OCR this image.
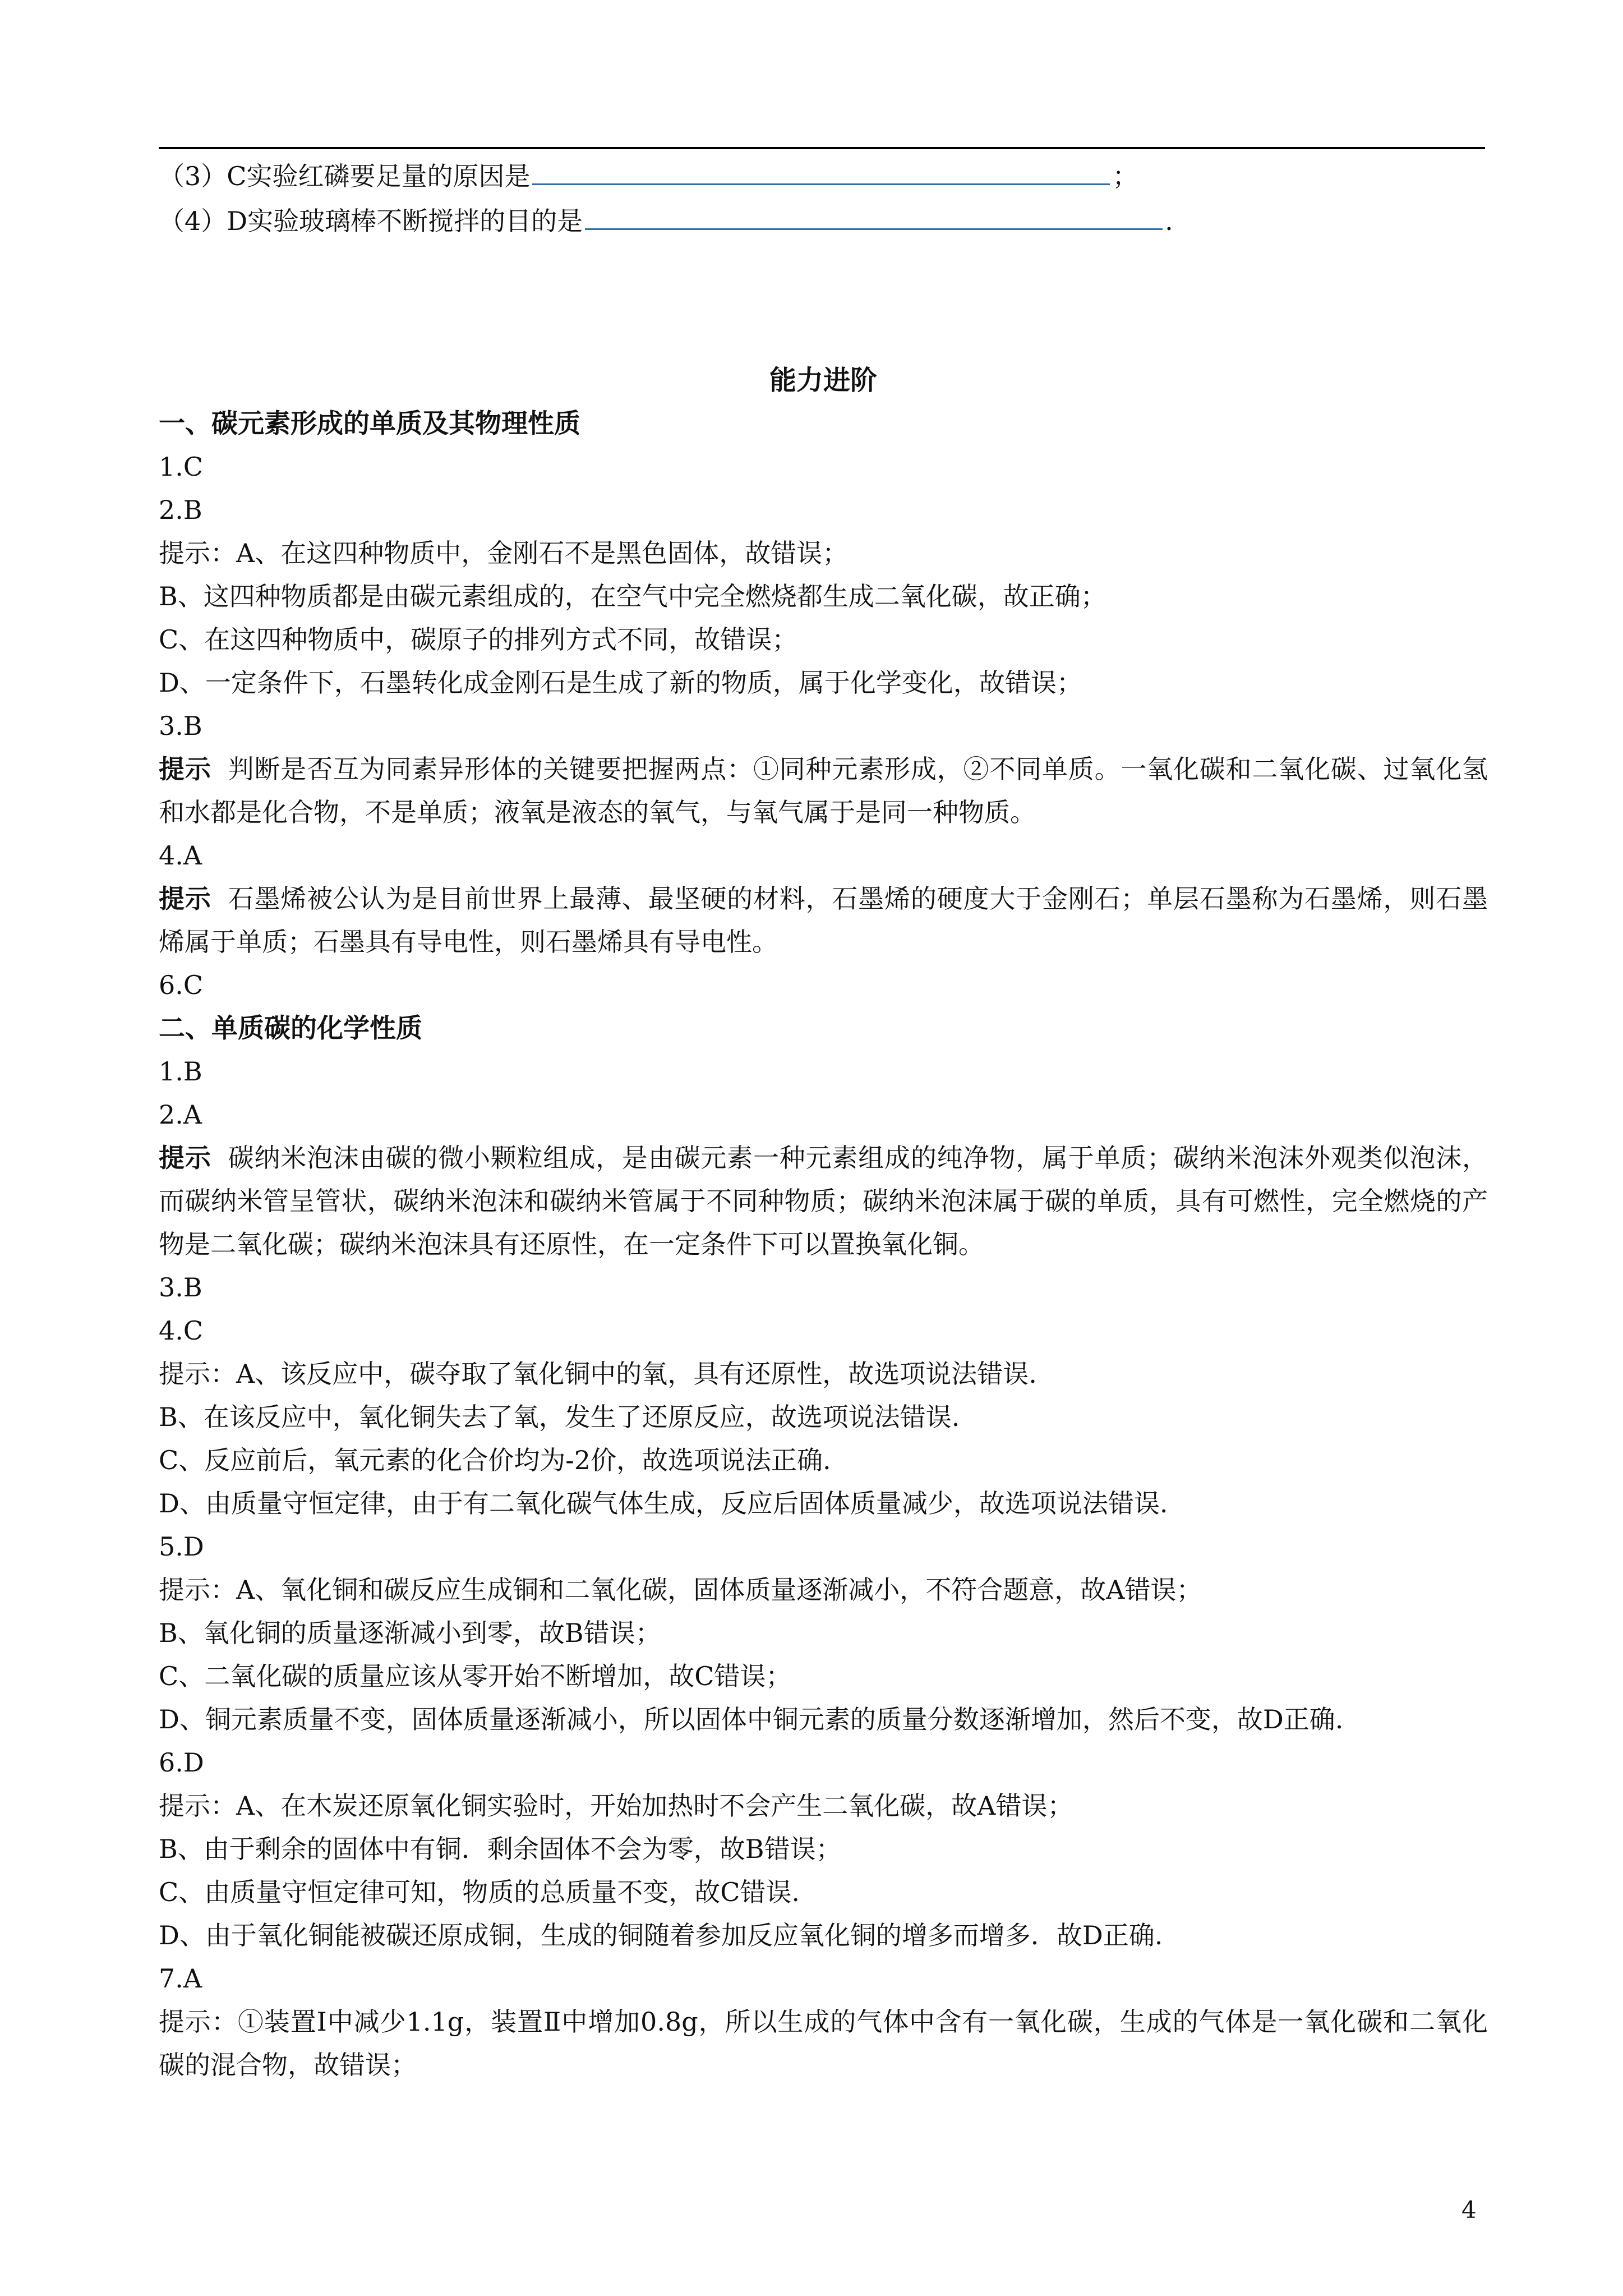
（3）C实验红磷要足量的原因是	；
（4）D实验玻璃棒不断搅拌的目的是	.
能力进阶
一、碳元素形成的单质及其物理性质
1.C
2.B
提示：A、在这四种物质中，金刚石不是黑色固体，故错误；
B、这四种物质都是由碳元素组成的，在空气中完全燃烧都生成二氧化碳，故正确；
C、在这四种物质中，碳原子的排列方式不同，故错误；
D、一定条件下，石墨转化成金刚石是生成了新的物质，属于化学变化，故错误；
3.B
提示 判断是否互为同素异形体的关键要把握两点：①同种元素形成，②不同单质。一氧化碳和二氧化碳、过氧化氢和水都是化合物，不是单质；液氧是液态的氧气，与氧气属于是同一种物质。
4.A
提示 石墨烯被公认为是目前世界上最薄、最坚硬的材料，石墨烯的硬度大于金刚石；单层石墨称为石墨烯，则石墨烯属于单质；石墨具有导电性，则石墨烯具有导电性。
6.C
二、单质碳的化学性质
1.B
2.A
提示 碳纳米泡沫由碳的微小颗粒组成，是由碳元素一种元素组成的纯净物，属于单质；碳纳米泡沫外观类似泡沫，而碳纳米管呈管状，碳纳米泡沫和碳纳米管属于不同种物质；碳纳米泡沫属于碳的单质，具有可燃性，完全燃烧的产物是二氧化碳；碳纳米泡沫具有还原性，在一定条件下可以置换氧化铜。
3.B
4.C
提示：A、该反应中，碳夺取了氧化铜中的氧，具有还原性，故选项说法错误.
B、在该反应中，氧化铜失去了氧，发生了还原反应，故选项说法错误.
C、反应前后，氧元素的化合价均为-2价，故选项说法正确.
D、由质量守恒定律，由于有二氧化碳气体生成，反应后固体质量减少，故选项说法错误.
5.D
提示：A、氧化铜和碳反应生成铜和二氧化碳，固体质量逐渐减小，不符合题意，故A错误；
B、氧化铜的质量逐渐减小到零，故B错误；
C、二氧化碳的质量应该从零开始不断增加，故C错误；
D、铜元素质量不变，固体质量逐渐减小，所以固体中铜元素的质量分数逐渐增加，然后不变，故D正确.
6.D
提示：A、在木炭还原氧化铜实验时，开始加热时不会产生二氧化碳，故A错误；
B、由于剩余的固体中有铜．剩余固体不会为零，故B错误；
C、由质量守恒定律可知，物质的总质量不变，故C错误.
D、由于氧化铜能被碳还原成铜，生成的铜随着参加反应氧化铜的增多而增多．故D正确.
7.A
提示：①装置Ⅰ中减少1.1g，装置Ⅱ中增加0.8g，所以生成的气体中含有一氧化碳，生成的气体是一氧化碳和二氧化碳的混合物，故错误；
4
